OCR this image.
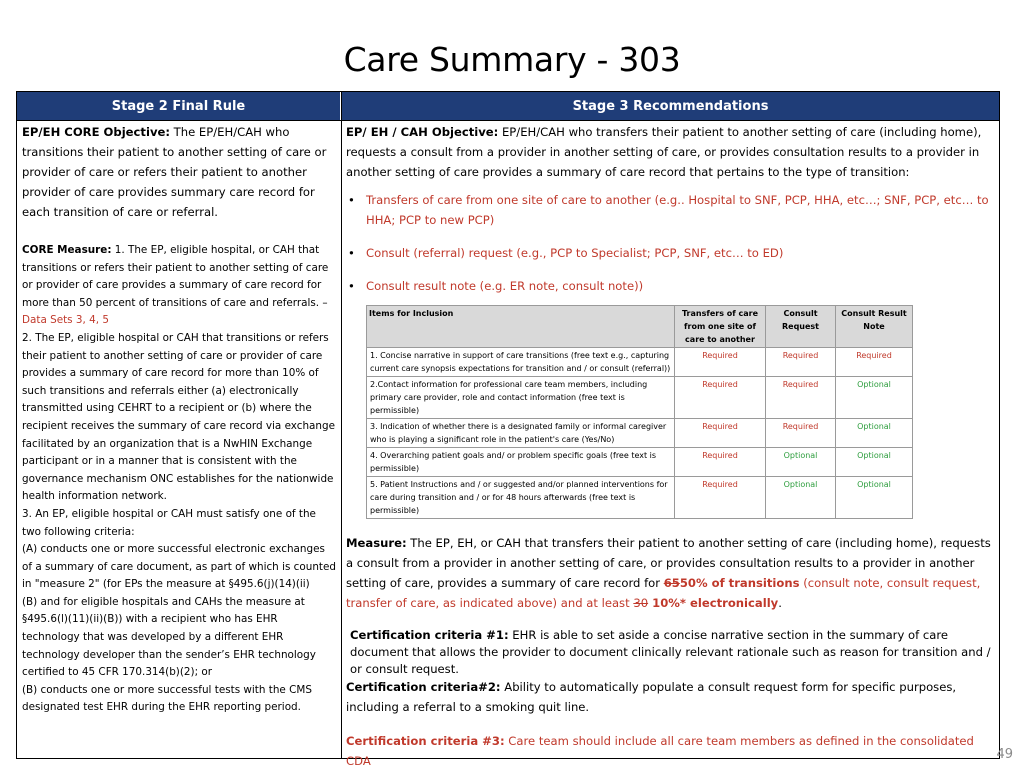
Care Summary - 303
Stage 2 Final Rule	Stage 3 Recommendations

EP/EH CORE Objective: The EP/EH/CAH who transitions their patient to another setting of care or provider of care or refers their patient to another provider of care provides summary care record for each transition of care or referral.

CORE Measure: 1. The EP, eligible hospital, or CAH that transitions or refers their patient to another setting of care or provider of care provides a summary of care record for more than 50 percent of transitions of care and referrals. –
Data Sets 3, 4, 5
2. The EP, eligible hospital or CAH that transitions or refers their patient to another setting of care or provider of care provides a summary of care record for more than 10% of such transitions and referrals either (a) electronically transmitted using CEHRT to a recipient or (b) where the recipient receives the summary of care record via exchange facilitated by an organization that is a NwHIN Exchange participant or in a manner that is consistent with the governance mechanism ONC establishes for the nationwide health information network.
3. An EP, eligible hospital or CAH must satisfy one of the two following criteria:
(A) conducts one or more successful electronic exchanges of a summary of care document, as part of which is counted in "measure 2" (for EPs the measure at §495.6(j)(14)(ii)
(B) and for eligible hospitals and CAHs the measure at §495.6(l)(11)(ii)(B)) with a recipient who has EHR technology that was developed by a different EHR technology developer than the sender’s EHR technology certified to 45 CFR 170.314(b)(2); or
(B) conducts one or more successful tests with the CMS designated test EHR during the EHR reporting period.

EP/ EH / CAH Objective: EP/EH/CAH who transfers their patient to another setting of care (including home), requests a consult from a provider in another setting of care, or provides consultation results to a provider in another setting of care provides a summary of care record that pertains to the type of transition:

• Transfers of care from one site of care to another (e.g.. Hospital to SNF, PCP, HHA, etc…; SNF, PCP, etc… to HHA; PCP to new PCP)
• Consult (referral) request (e.g., PCP to Specialist; PCP, SNF, etc… to ED)
• Consult result note (e.g. ER note, consult note))
Items for Inclusion	Transfers of care from one site of care to another	Consult Request	Consult Result Note
1. Concise narrative in support of care transitions (free text e.g., capturing current care synopsis expectations for transition and / or consult (referral))	Required	Required	Required
2.Contact information for professional care team members, including primary care provider, role and contact information (free text is permissible)	Required	Required	Optional
3. Indication of whether there is a designated family or informal caregiver who is playing a significant role in the patient's care (Yes/No)	Required	Required	Optional
4. Overarching patient goals and/ or problem specific goals (free text is permissible)	Required	Optional	Optional
5. Patient Instructions and / or suggested and/or planned interventions for care during transition and / or for 48 hours afterwards (free text is permissible)	Required	Optional	Optional

Measure: The EP, EH, or CAH that transfers their patient to another setting of care (including home), requests a consult from a provider in another setting of care, or provides consultation results to a provider in another setting of care, provides a summary of care record for 6550% of transitions (consult note, consult request, transfer of care, as indicated above) and at least 30 10%* electronically.

Certification criteria #1: EHR is able to set aside a concise narrative section in the summary of care document that allows the provider to document clinically relevant rationale such as reason for transition and / or consult request.

Certification criteria#2: Ability to automatically populate a consult request form for specific purposes, including a referral to a smoking quit line.

Certification criteria #3: Care team should include all care team members as defined in the consolidated CDA	49
